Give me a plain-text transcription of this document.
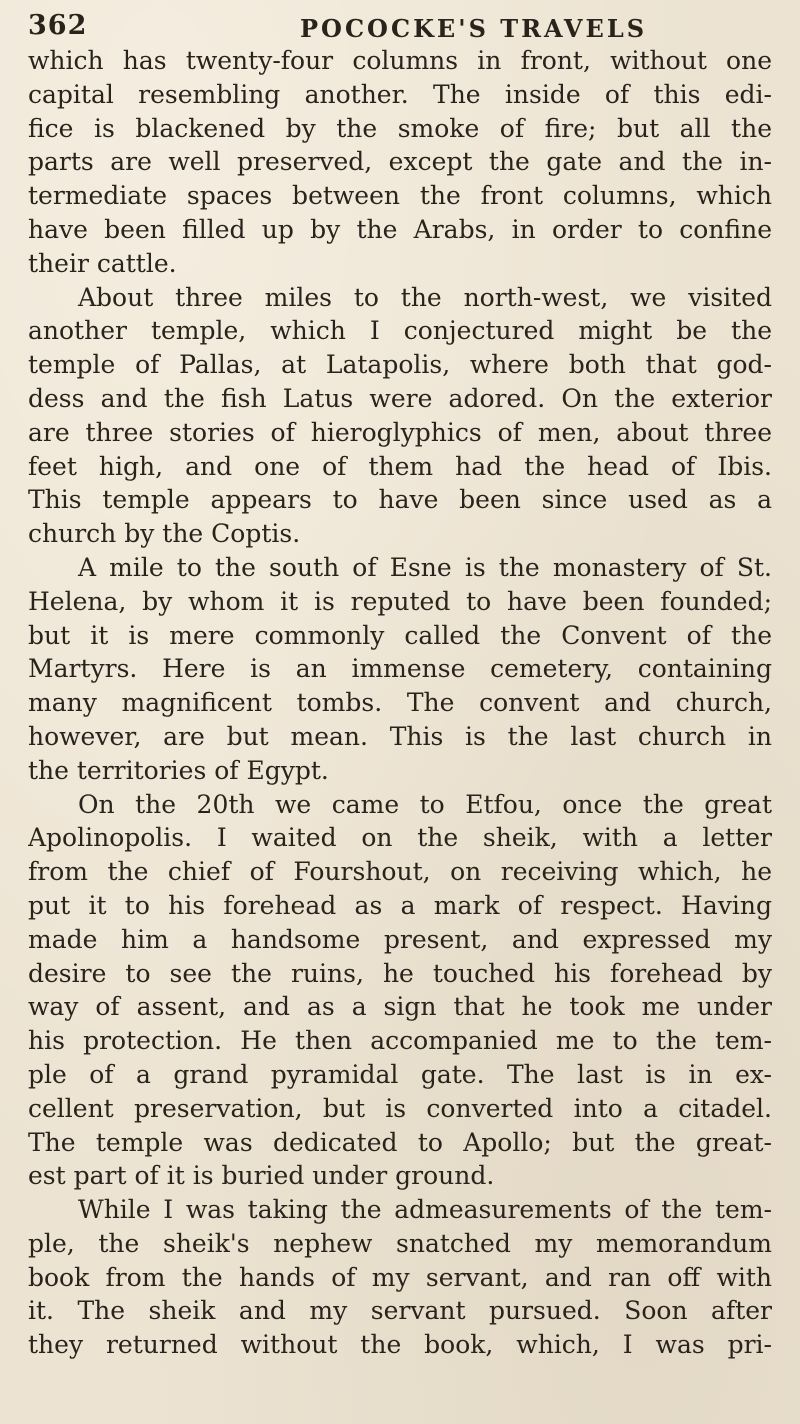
362	POCOCKE'S TRAVELS
which has twenty-four columns in front, without one
capital resembling another. The inside of this edi-
fice is blackened by the smoke of fire; but all the
parts are well preserved, except the gate and the in-
termediate spaces between the front columns, which
have been filled up by the Arabs, in order to confine
their cattle.
About three miles to the north-west, we visited
another temple, which I conjectured might be the
temple of Pallas, at Latapolis, where both that god-
dess and the fish Latus were adored. On the exterior
are three stories of hieroglyphics of men, about three
feet high, and one of them had the head of Ibis.
This temple appears to have been since used as a
church by the Coptis.
A mile to the south of Esne is the monastery of St.
Helena, by whom it is reputed to have been founded;
but it is mere commonly called the Convent of the
Martyrs. Here is an immense cemetery, containing
many magnificent tombs. The convent and church,
however, are but mean. This is the last church in
the territories of Egypt.
On the 20th we came to Etfou, once the great
Apolinopolis. I waited on the sheik, with a letter
from the chief of Fourshout, on receiving which, he
put it to his forehead as a mark of respect. Having
made him a handsome present, and expressed my
desire to see the ruins, he touched his forehead by
way of assent, and as a sign that he took me under
his protection. He then accompanied me to the tem-
ple of a grand pyramidal gate. The last is in ex-
cellent preservation, but is converted into a citadel.
The temple was dedicated to Apollo; but the great-
est part of it is buried under ground.
While I was taking the admeasurements of the tem-
ple, the sheik's nephew snatched my memorandum
book from the hands of my servant, and ran off with
it. The sheik and my servant pursued. Soon after
they returned without the book, which, I was pri-
